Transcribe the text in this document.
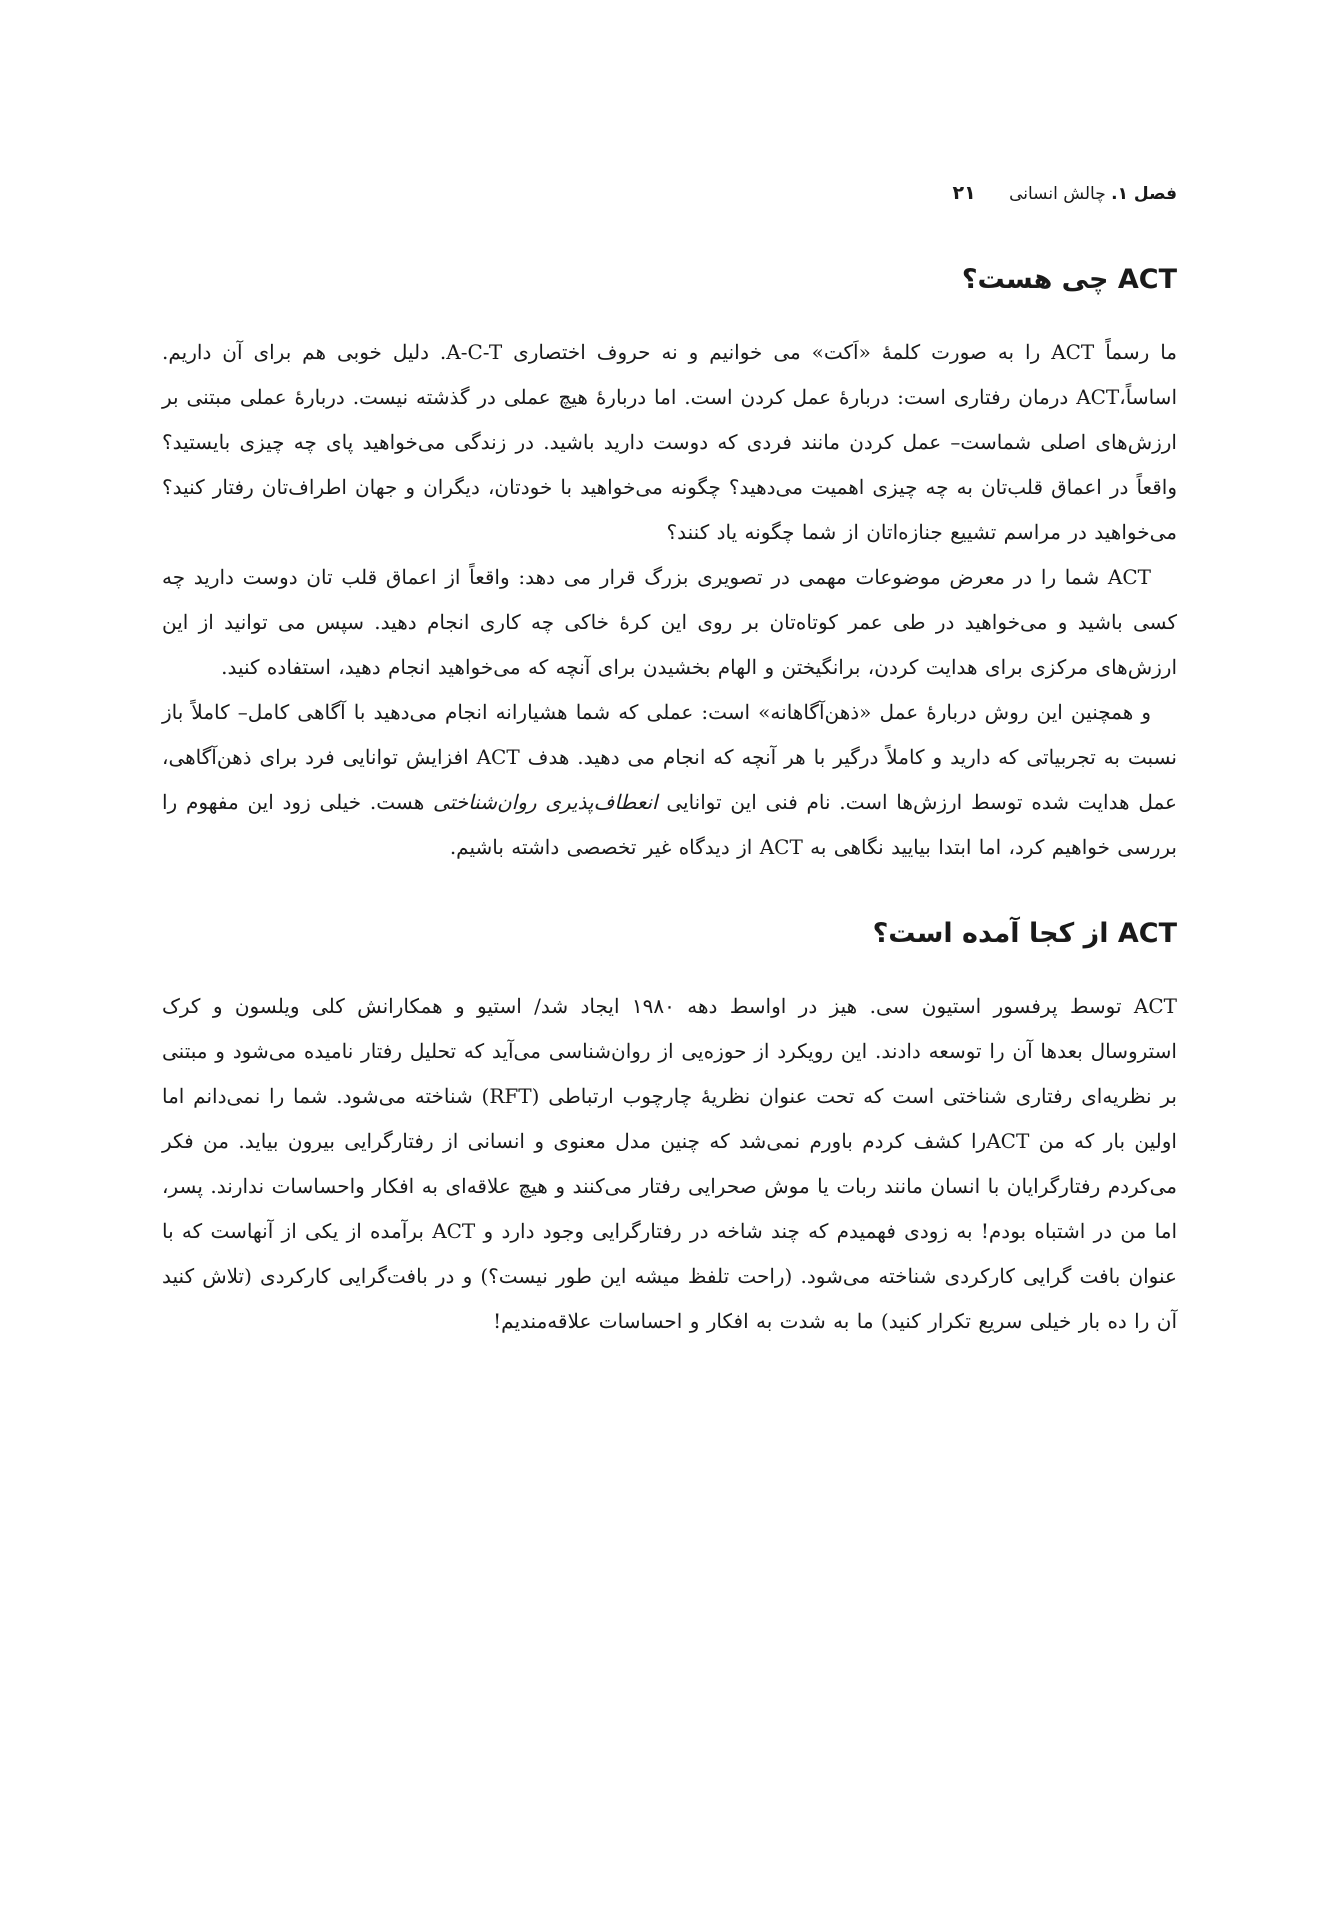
فصل ۱. چالش انسانی ۲۱
ACT چی هست؟

ما رسماً ACT را به صورت کلمۀ «اَکت» می خوانیم و نه حروف اختصاری A-C-T. دلیل خوبی هم برای آن داریم. اساساً،ACT درمان رفتاری است: دربارۀ عمل کردن است. اما دربارۀ هیچ عملی در گذشته نیست. دربارۀ عملی مبتنی بر ارزش‌های اصلی شماست– عمل کردن مانند فردی که دوست دارید باشید. در زندگی می‌خواهید پای چه چیزی بایستید؟ واقعاً در اعماق قلب‌تان به چه چیزی اهمیت می‌دهید؟ چگونه می‌خواهید با خودتان، دیگران و جهان اطراف‌تان رفتار کنید؟ می‌خواهید در مراسم تشییع جنازه‌اتان از شما چگونه یاد کنند؟

ACT شما را در معرض موضوعات مهمی در تصویری بزرگ قرار می دهد: واقعاً از اعماق قلب تان دوست دارید چه کسی باشید و می‌خواهید در طی عمر کوتاه‌تان بر روی این کرۀ خاکی چه کاری انجام دهید. سپس می توانید از این ارزش‌های مرکزی برای هدایت کردن، برانگیختن و الهام بخشیدن برای آنچه که می‌خواهید انجام دهید، استفاده کنید.

و همچنین این روش دربارۀ عمل «ذهن‌آگاهانه» است: عملی که شما هشیارانه انجام می‌دهید با آگاهی کامل– کاملاً باز نسبت به تجربیاتی که دارید و کاملاً درگیر با هر آنچه که انجام می دهید. هدف ACT افزایش توانایی فرد برای ذهن‌آگاهی، عمل هدایت شده توسط ارزش‌ها است. نام فنی این توانایی انعطاف‌پذیری روان‌شناختی هست. خیلی زود این مفهوم را بررسی خواهیم کرد، اما ابتدا بیایید نگاهی به ACT از دیدگاه غیر تخصصی داشته باشیم.

ACT از کجا آمده است؟

ACT توسط پرفسور استیون سی. هیز در اواسط دهه ۱۹۸۰ ایجاد شد/ استیو و همکارانش کلی ویلسون و کرک استروسال بعدها آن را توسعه دادند. این رویکرد از حوزه‌یی از روان‌شناسی می‌آید که تحلیل رفتار نامیده می‌شود و مبتنی بر نظریه‌ای رفتاری شناختی است که تحت عنوان نظریۀ چارچوب ارتباطی (RFT) شناخته می‌شود. شما را نمی‌دانم اما اولین بار که من ACTرا کشف کردم باورم نمی‌شد که چنین مدل معنوی و انسانی از رفتارگرایی بیرون بیاید. من فکر می‌کردم رفتارگرایان با انسان مانند ربات یا موش صحرایی رفتار می‌کنند و هیچ علاقه‌ای به افکار واحساسات ندارند. پسر، اما من در اشتباه بودم! به زودی فهمیدم که چند شاخه در رفتارگرایی وجود دارد و ACT برآمده از یکی از آنهاست که با عنوان بافت گرایی کارکردی شناخته می‌شود. (راحت تلفظ میشه این طور نیست؟) و در بافت‌گرایی کارکردی (تلاش کنید آن را ده بار خیلی سریع تکرار کنید) ما به شدت به افکار و احساسات علاقه‌مندیم!
